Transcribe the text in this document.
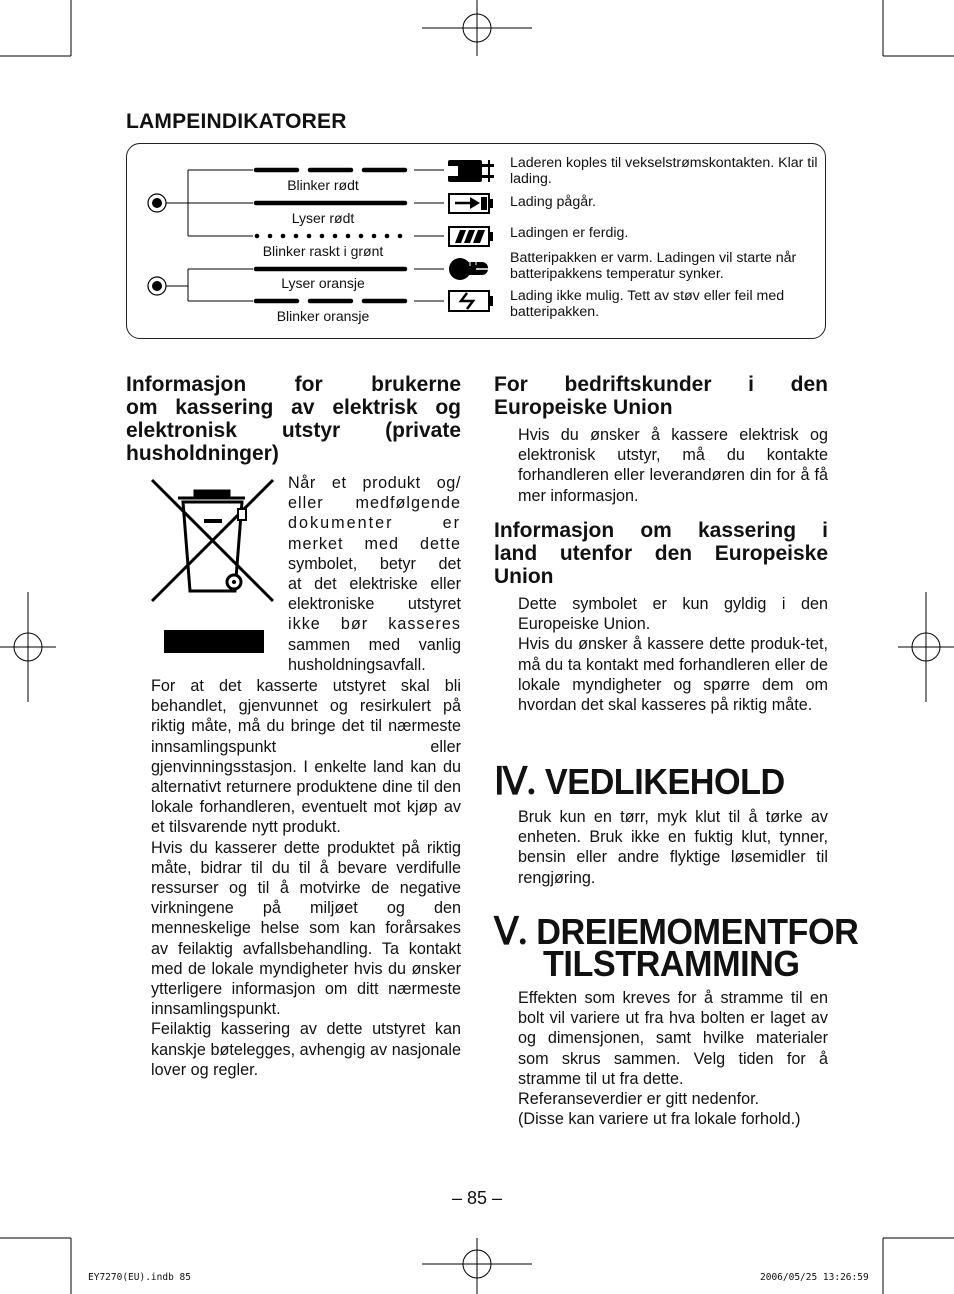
LAMPEINDIKATORER
Blinker rødt
Lyser rødt
Blinker raskt i grønt
Lyser oransje
Blinker oransje
Laderen koples til vekselstrømskontakten. Klar til lading.
Lading pågår.
Ladingen er ferdig.
Batteripakken er varm. Ladingen vil starte når batteripakkens temperatur synker.
Lading ikke mulig. Tett av støv eller feil med batteripakken.
Informasjon for brukerne
om kassering av elektrisk og
elektronisk utstyr (private
husholdninger)
Når et produkt og/
eller medfølgende
dokumenter er
merket med dette
symbolet, betyr det
at det elektriske eller
elektroniske utstyret
ikke bør kasseres
sammen med vanlig
husholdningsavfall.

For at det kasserte utstyret skal bli behandlet, gjenvunnet og resirkulert på riktig måte, må du bringe det til nærmeste innsamlingspunkt eller gjenvinningsstasjon. I enkelte land kan du alternativt returnere produktene dine til den lokale forhandleren, eventuelt mot kjøp av et tilsvarende nytt produkt.

Hvis du kasserer dette produktet på riktig måte, bidrar til du til å bevare verdifulle ressurser og til å motvirke de negative virkningene på miljøet og den menneskelige helse som kan forårsakes av feilaktig avfallsbehandling. Ta kontakt med de lokale myndigheter hvis du ønsker ytterligere informasjon om ditt nærmeste innsamlingspunkt.

Feilaktig kassering av dette utstyret kan kanskje bøtelegges, avhengig av nasjonale lover og regler.

For bedriftskunder i den
Europeiske Union
Hvis du ønsker å kassere elektrisk og elektronisk utstyr, må du kontakte forhandleren eller leverandøren din for å få mer informasjon.
Informasjon om kassering i
land utenfor den Europeiske
Union

Dette symbolet er kun gyldig i den Europeiske Union.

Hvis du ønsker å kassere dette produk-tet, må du ta kontakt med forhandleren eller de lokale myndigheter og spørre dem om hvordan det skal kasseres på riktig måte.

Ⅳ. VEDLIKEHOLD
Bruk kun en tørr, myk klut til å tørke av enheten. Bruk ikke en fuktig klut, tynner, bensin eller andre flyktige løsemidler til rengjøring.
Ⅴ. DREIEMOMENTFOR
TILSTRAMMING

Effekten som kreves for å stramme til en bolt vil variere ut fra hva bolten er laget av og dimensjonen, samt hvilke materialer som skrus sammen. Velg tiden for å stramme til ut fra dette.

Referanseverdier er gitt nedenfor.
(Disse kan variere ut fra lokale forhold.)
– 85 –
EY7270(EU).indb 85	2006/05/25 13:26:59
